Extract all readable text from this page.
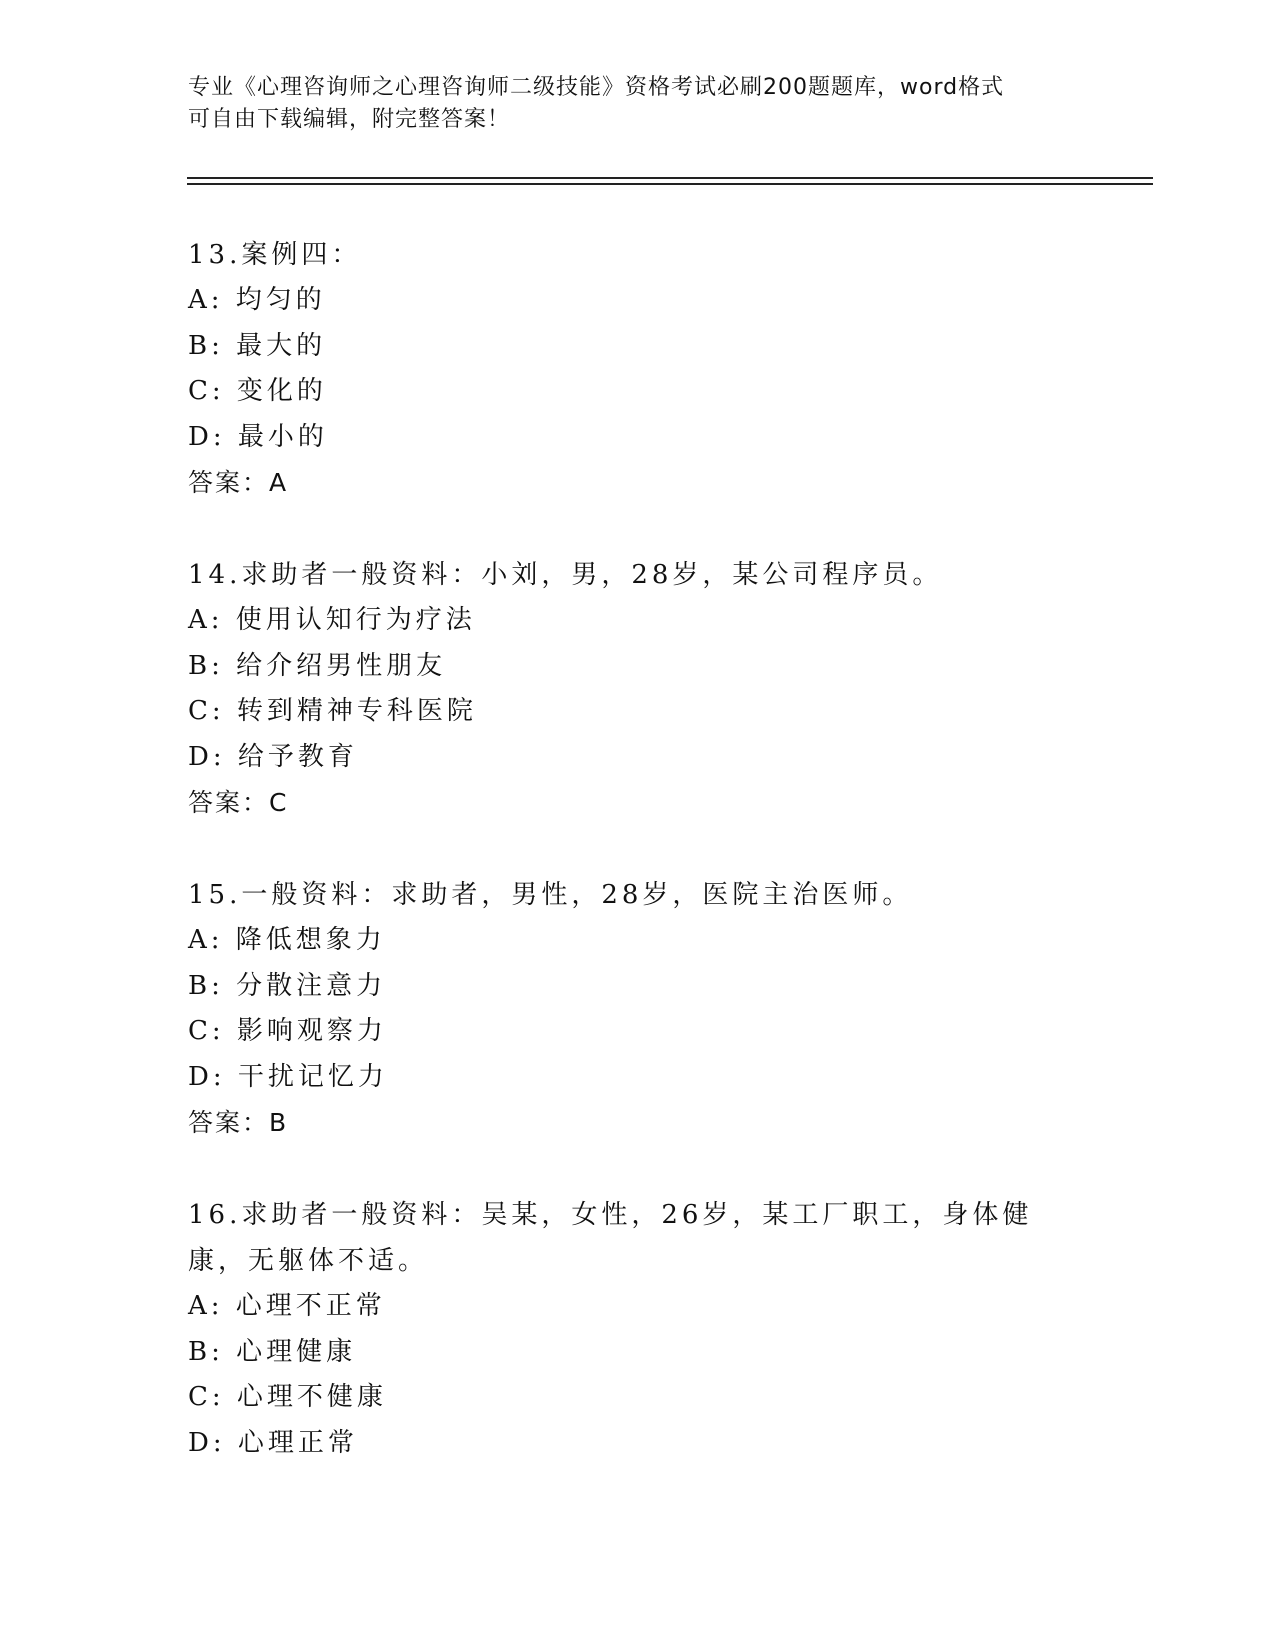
专业《心理咨询师之心理咨询师二级技能》资格考试必刷200题题库，word格式
可自由下载编辑，附完整答案！

13.案例四：

A: 均匀的

B: 最大的

C: 变化的

D: 最小的

答案：A

14.求助者一般资料：小刘，男，28岁，某公司程序员。

A: 使用认知行为疗法

B: 给介绍男性朋友

C: 转到精神专科医院

D: 给予教育

答案：C

15.一般资料：求助者，男性，28岁，医院主治医师。

A: 降低想象力

B: 分散注意力

C: 影响观察力

D: 干扰记忆力

答案：B

16.求助者一般资料：吴某，女性，26岁，某工厂职工，身体健康，无躯体不适。

A: 心理不正常

B: 心理健康

C: 心理不健康

D: 心理正常
